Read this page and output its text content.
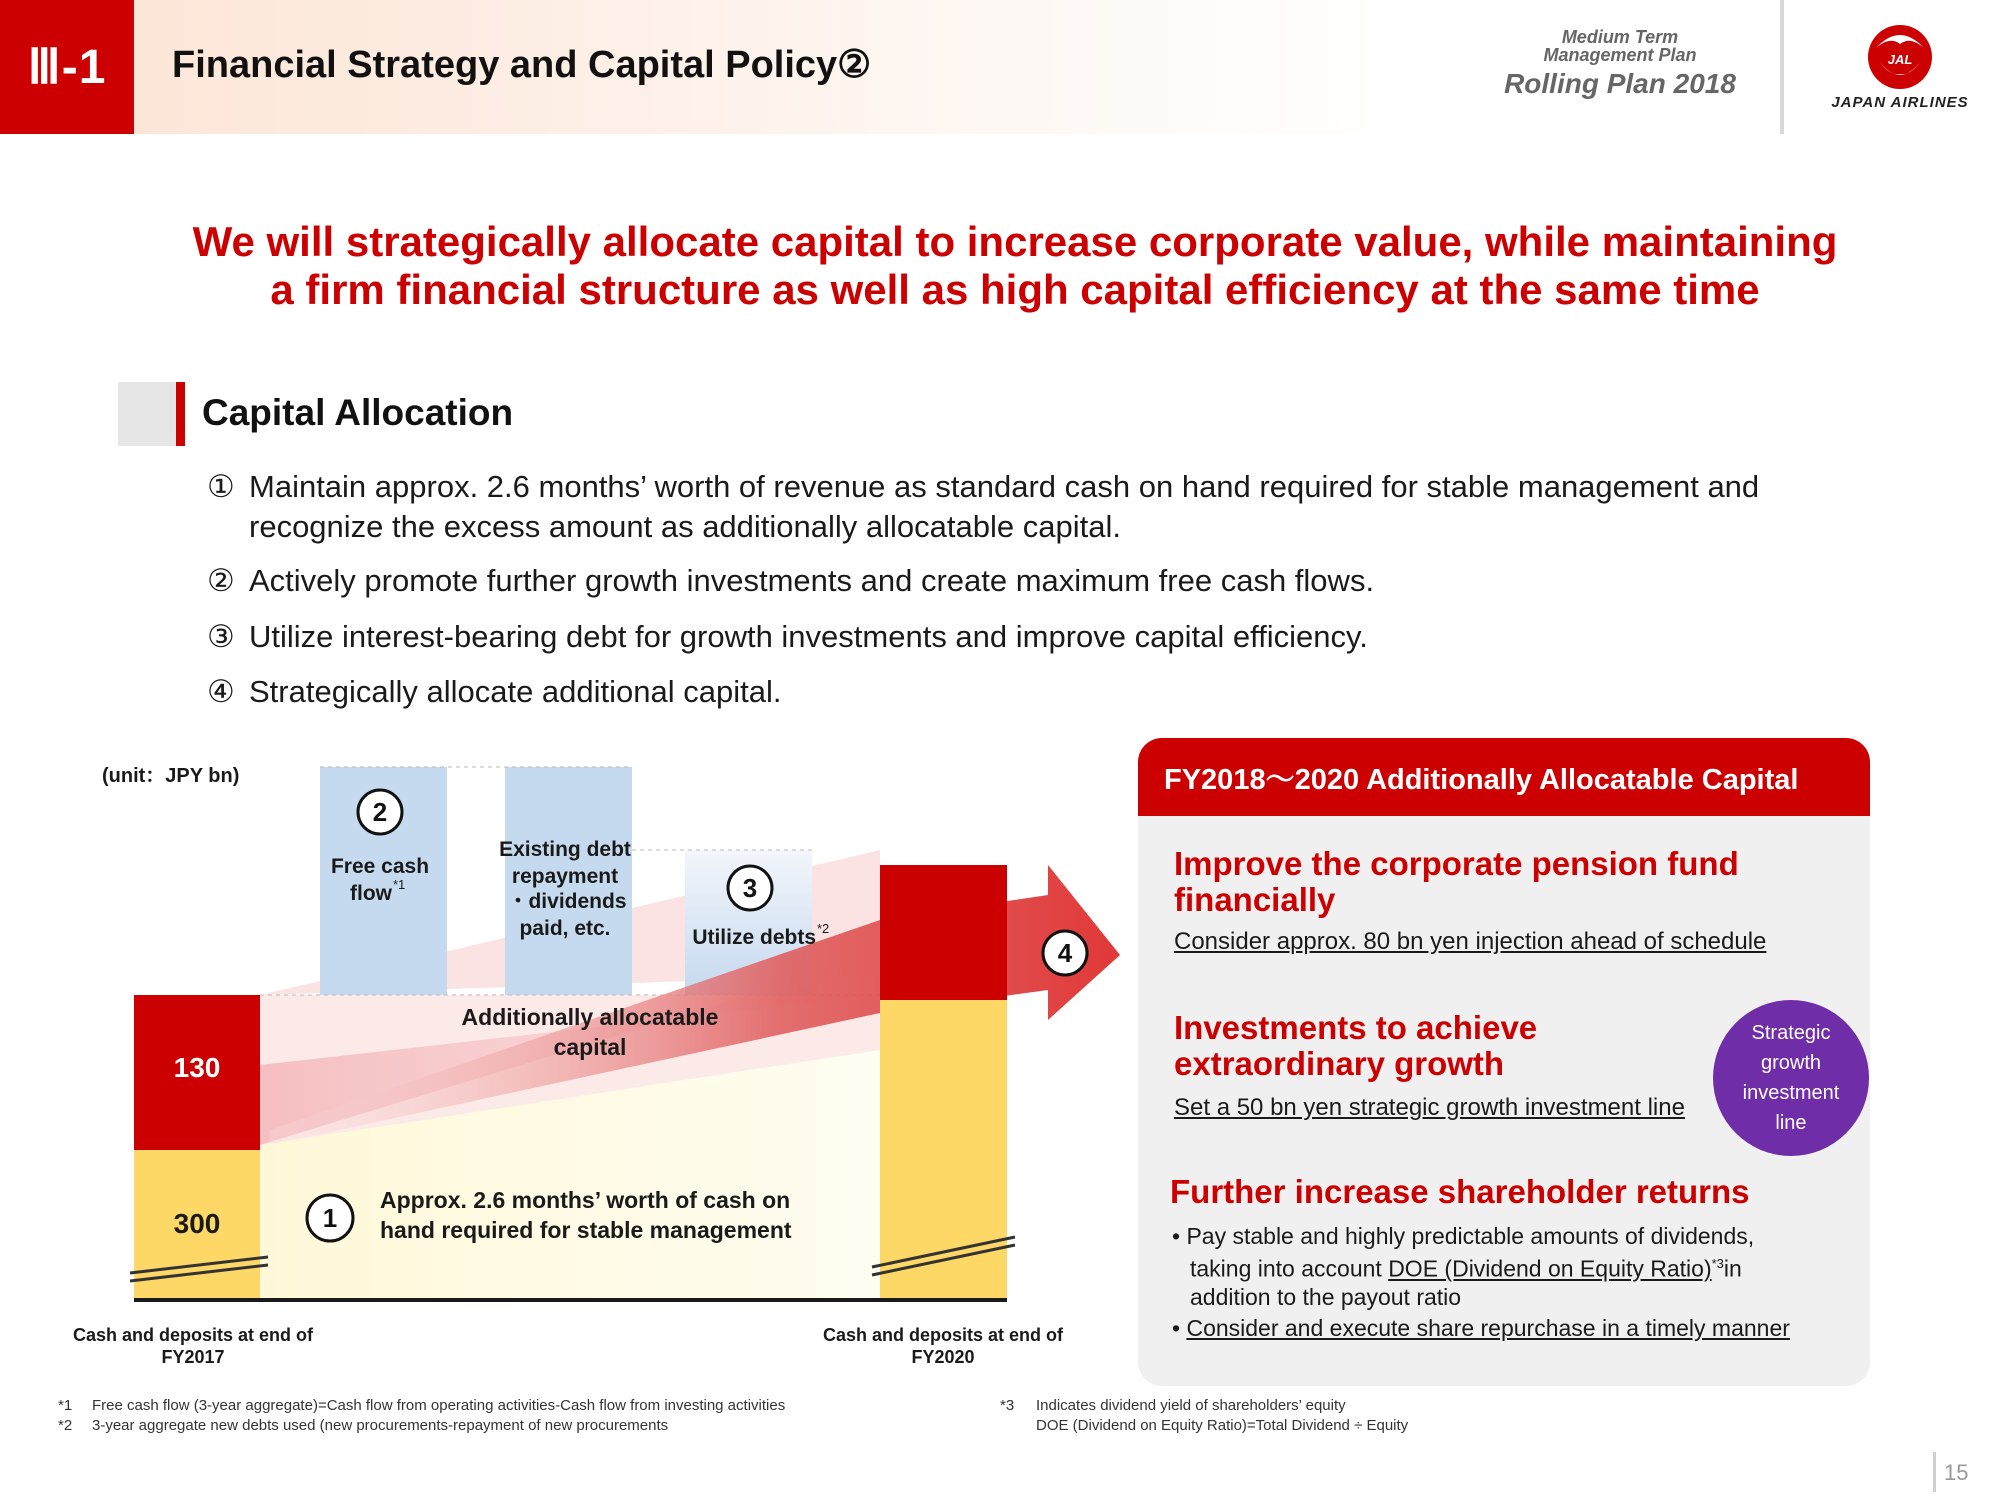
Ⅲ-1 Financial Strategy and Capital Policy②
Medium Term
Management Plan
Rolling Plan 2018
JAL
JAPAN AIRLINES
We will strategically allocate capital to increase corporate value, while maintaining
a firm financial structure as well as high capital efficiency at the same time
Capital Allocation
① Maintain approx. 2.6 months’ worth of revenue as standard cash on hand required for stable management and
recognize the excess amount as additionally allocatable capital.
② Actively promote further growth investments and create maximum free cash flows.
③ Utilize interest-bearing debt for growth investments and improve capital efficiency.
④ Strategically allocate additional capital.
130
300
(unit：JPY bn)
2
Free cash
flow *1
Existing debt
repayment
・dividends
paid, etc.
3
Utilize debts *2
4
Additionally allocatable
capital
1
Approx. 2.6 months’ worth of cash on
hand required for stable management
Cash and deposits at end of
FY2017
Cash and deposits at end of
FY2020
FY2018～2020 Additionally Allocatable Capital
Improve the corporate pension fund
financially
Consider approx. 80 bn yen injection ahead of schedule
Investments to achieve
extraordinary growth
Set a 50 bn yen strategic growth investment line
Further increase shareholder returns
• Pay stable and highly predictable amounts of dividends,
taking into account DOE (Dividend on Equity Ratio)$^{*3}$in
addition to the payout ratio
• Consider and execute share repurchase in a timely manner
Strategic
growth
investment
line
*1 Free cash flow (3-year aggregate)=Cash flow from operating activities-Cash flow from investing activities
*2 3-year aggregate new debts used (new procurements-repayment of new procurements
*3 Indicates dividend yield of shareholders’ equity
DOE (Dividend on Equity Ratio)=Total Dividend ÷ Equity
15
